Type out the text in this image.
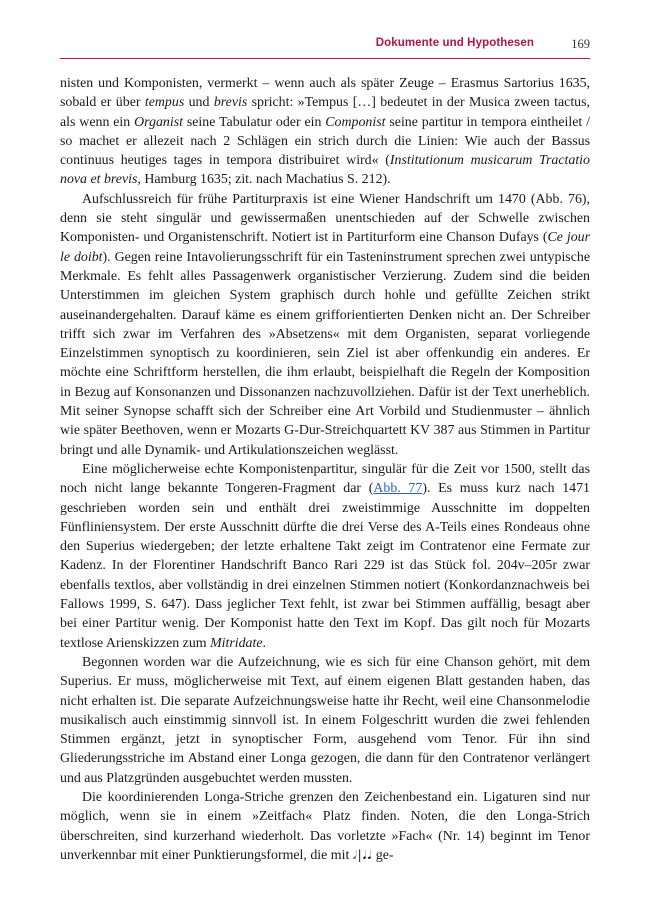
Dokumente und Hypothesen	169

nisten und Komponisten, vermerkt – wenn auch als später Zeuge – Erasmus Sartorius 1635, sobald er über tempus und brevis spricht: »Tempus […] bedeutet in der Musica zween tactus, als wenn ein Organist seine Tabulatur oder ein Componist seine partitur in tempora eintheilet / so machet er allezeit nach 2 Schlägen ein strich durch die Linien: Wie auch der Bassus continuus heutiges tages in tempora distribuiret wird« (Institutionum musicarum Tractatio nova et brevis, Hamburg 1635; zit. nach Machatius S. 212).

Aufschlussreich für frühe Partiturpraxis ist eine Wiener Handschrift um 1470 (Abb. 76), denn sie steht singulär und gewissermaßen unentschieden auf der Schwelle zwischen Komponisten- und Organistenschrift. Notiert ist in Partiturform eine Chanson Dufays (Ce jour le doibt). Gegen reine Intavolierungsschrift für ein Tasteninstrument sprechen zwei untypische Merkmale. Es fehlt alles Passagenwerk organistischer Verzierung. Zudem sind die beiden Unterstimmen im gleichen System graphisch durch hohle und gefüllte Zeichen strikt auseinandergehalten. Darauf käme es einem grifforientierten Denken nicht an. Der Schreiber trifft sich zwar im Verfahren des »Absetzens« mit dem Organisten, separat vorliegende Einzelstimmen synoptisch zu koordinieren, sein Ziel ist aber offenkundig ein anderes. Er möchte eine Schriftform herstellen, die ihm erlaubt, beispielhaft die Regeln der Komposition in Bezug auf Konsonanzen und Dissonanzen nachzuvollziehen. Dafür ist der Text unerheblich. Mit seiner Synopse schafft sich der Schreiber eine Art Vorbild und Studienmuster – ähnlich wie später Beethoven, wenn er Mozarts G-Dur-Streichquartett KV 387 aus Stimmen in Partitur bringt und alle Dynamik- und Artikulationszeichen weglässt.

Eine möglicherweise echte Komponistenpartitur, singulär für die Zeit vor 1500, stellt das noch nicht lange bekannte Tongeren-Fragment dar (Abb. 77). Es muss kurz nach 1471 geschrieben worden sein und enthält drei zweistimmige Ausschnitte im doppelten Fünfliniensystem. Der erste Ausschnitt dürfte die drei Verse des A-Teils eines Rondeaus ohne den Superius wiedergeben; der letzte erhaltene Takt zeigt im Contratenor eine Fermate zur Kadenz. In der Florentiner Handschrift Banco Rari 229 ist das Stück fol. 204v–205r zwar ebenfalls textlos, aber vollständig in drei einzelnen Stimmen notiert (Konkordanznachweis bei Fallows 1999, S. 647). Dass jeglicher Text fehlt, ist zwar bei Stimmen auffällig, besagt aber bei einer Partitur wenig. Der Komponist hatte den Text im Kopf. Das gilt noch für Mozarts textlose Arienskizzen zum Mitridate.

Begonnen worden war die Aufzeichnung, wie es sich für eine Chanson gehört, mit dem Superius. Er muss, möglicherweise mit Text, auf einem eigenen Blatt gestanden haben, das nicht erhalten ist. Die separate Aufzeichnungsweise hatte ihr Recht, weil eine Chansonmelodie musikalisch auch einstimmig sinnvoll ist. In einem Folgeschritt wurden die zwei fehlenden Stimmen ergänzt, jetzt in synoptischer Form, ausgehend vom Tenor. Für ihn sind Gliederungsstriche im Abstand einer Longa gezogen, die dann für den Contratenor verlängert und aus Platzgründen ausgebuchtet werden mussten.

Die koordinierenden Longa-Striche grenzen den Zeichenbestand ein. Ligaturen sind nur möglich, wenn sie in einem »Zeitfach« Platz finden. Noten, die den Longa-Strich überschreiten, sind kurzerhand wiederholt. Das vorletzte »Fach« (Nr. 14) beginnt im Tenor unverkennbar mit einer Punktierungsformel, die mit 𝅗𝅥|𝅘𝅥𝅘𝅥 ge-
